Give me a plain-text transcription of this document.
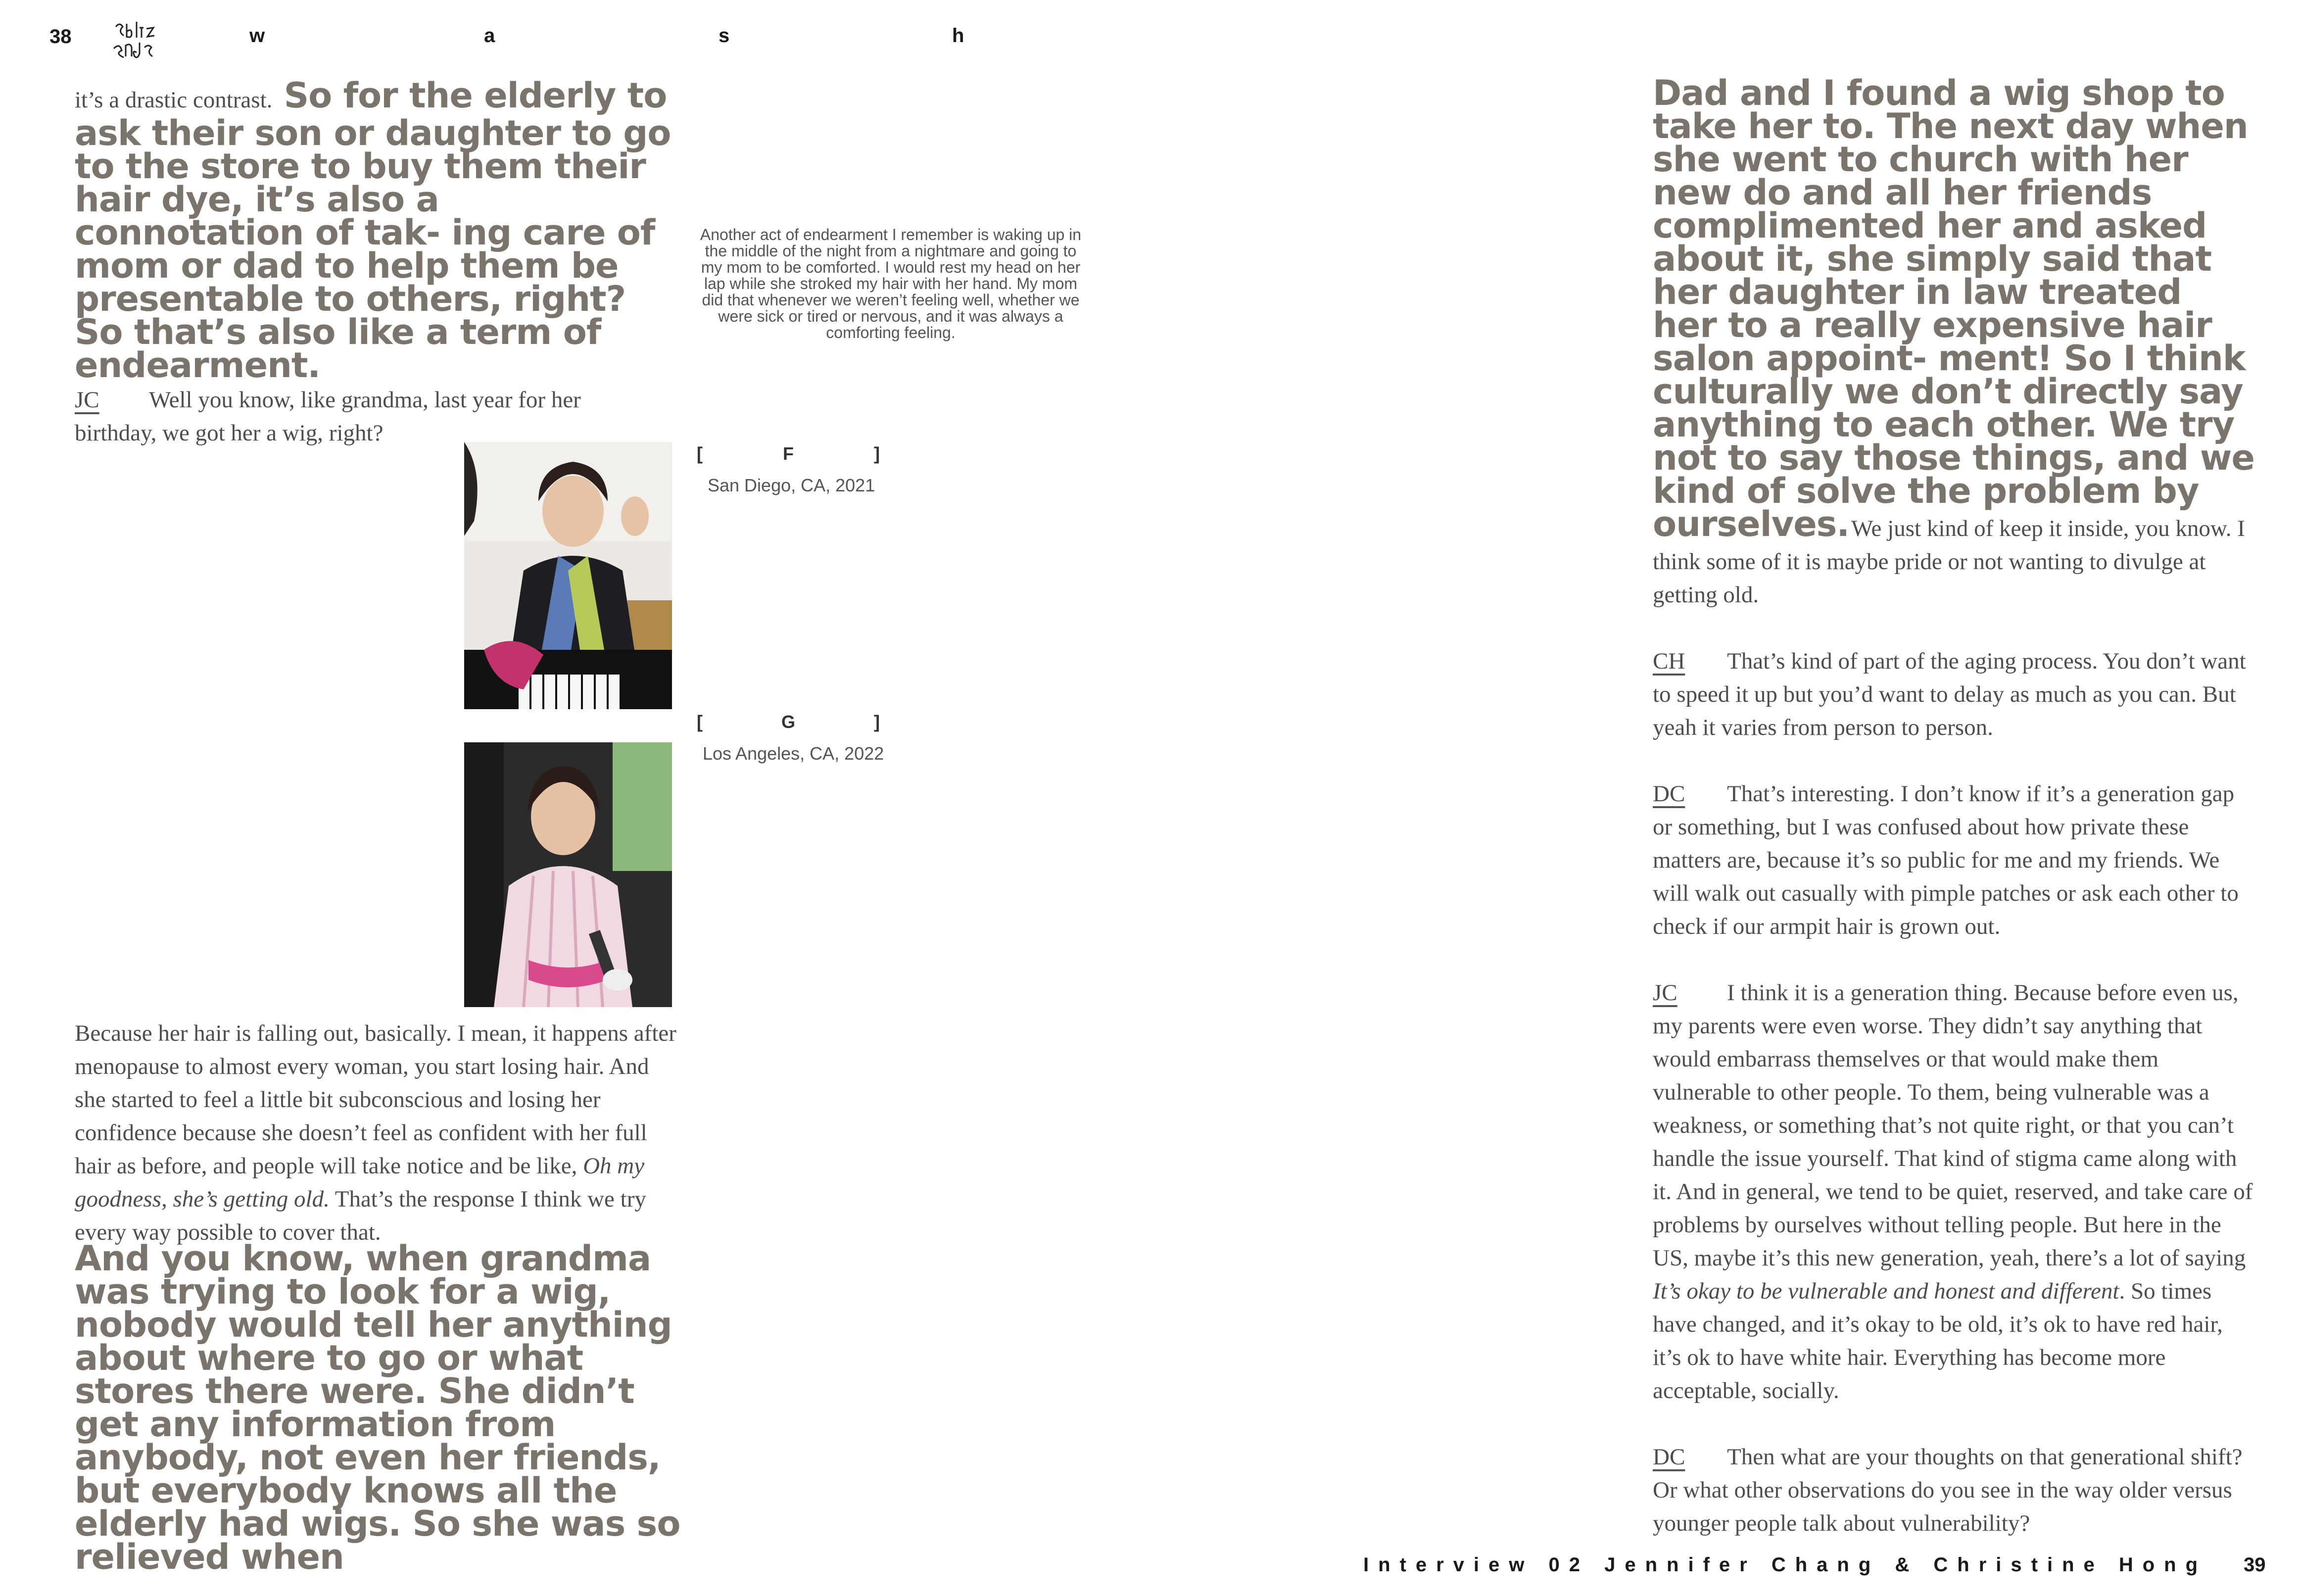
38	w	a	s	h

it’s a drastic contrast. So for the elderly to ask their son or daughter to go to the store to buy them their hair dye, it’s also a connotation of tak- ing care of mom or dad to help them be presentable to others, right? So that’s also like a term of endearment.

JC Well you know, like grandma, last year for her birthday, we got her a wig, right?
Another act of endearment I remember is waking up in the middle of the night from a nightmare and going to my mom to be comforted. I would rest my head on her lap while she stroked my hair with her hand. My mom did that whenever we weren’t feeling well, whether we were sick or tired or nervous, and it was always a comforting feeling.
[	F	]
San Diego, CA, 2021
[	G	]
Los Angeles, CA, 2022
Because her hair is falling out, basically. I mean, it happens after menopause to almost every woman, you start losing hair. And she started to feel a little bit subconscious and losing her confidence because she doesn’t feel as confident with her full hair as before, and people will take notice and be like, Oh my goodness, she’s getting old. That’s the response I think we try every way possible to cover that.
And you know, when grandma was trying to look for a wig, nobody would tell her anything about where to go or what stores there were. She didn’t get any information from anybody, not even her friends, but everybody knows all the elderly had wigs. So she was so relieved when

Dad and I found a wig shop to take her to. The next day when she went to church with her new do and all her friends complimented her and asked about it, she simply said that her daughter in law treated her to a really expensive hair salon appoint- ment! So I think culturally we don’t directly say anything to each other. We try not to say those things, and we kind of solve the problem by ourselves. We just kind of keep it inside, you know. I think some of it is maybe pride or not wanting to divulge at getting old.

CH That’s kind of part of the aging process. You don’t want to speed it up but you’d want to delay as much as you can. But yeah it varies from person to person.

DC That’s interesting. I don’t know if it’s a generation gap or something, but I was confused about how private these matters are, because it’s so public for me and my friends. We will walk out casually with pimple patches or ask each other to check if our armpit hair is grown out.

JC I think it is a generation thing. Because before even us, my parents were even worse. They didn’t say anything that would embarrass themselves or that would make them vulnerable to other people. To them, being vulnerable was a weakness, or something that’s not quite right, or that you can’t handle the issue yourself. That kind of stigma came along with it. And in general, we tend to be quiet, reserved, and take care of problems by ourselves without telling people. But here in the US, maybe it’s this new generation, yeah, there’s a lot of saying It’s okay to be vulnerable and honest and different. So times have changed, and it’s okay to be old, it’s ok to have red hair, it’s ok to have white hair. Everything has become more acceptable, socially.

DC Then what are your thoughts on that generational shift? Or what other observations do you see in the way older versus younger people talk about vulnerability?

Interview 02 Jennifer Chang & Christine Hong 39
